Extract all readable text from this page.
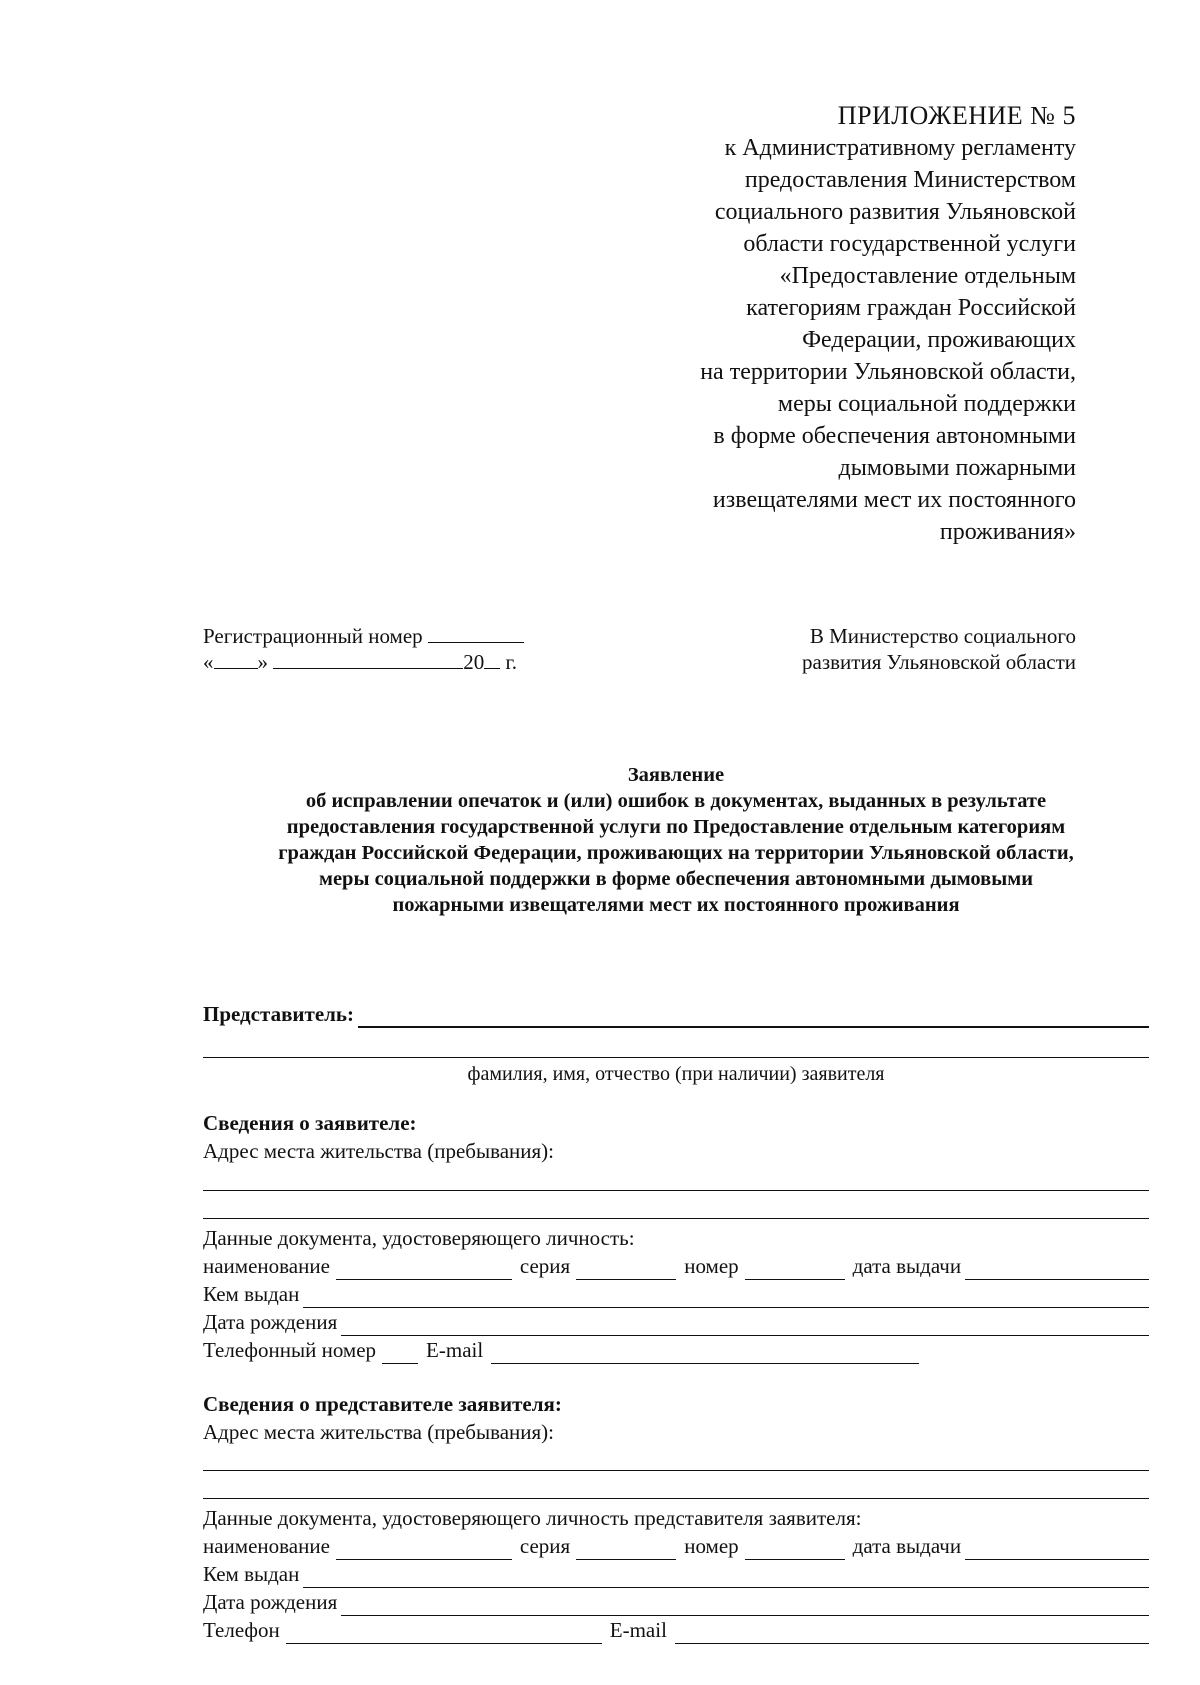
ПРИЛОЖЕНИЕ № 5
к Административному регламенту
предоставления Министерством
социального развития Ульяновской
области государственной услуги
«Предоставление отдельным
категориям граждан Российской
Федерации, проживающих
на территории Ульяновской области,
меры социальной поддержки
в форме обеспечения автономными
дымовыми пожарными
извещателями мест их постоянного
проживания»
Регистрационный номер
« »	20 г.
В Министерство социального
развития Ульяновской области
Заявление
об исправлении опечаток и (или) ошибок в документах, выданных в результате
предоставления государственной услуги по Предоставление отдельным категориям
граждан Российской Федерации, проживающих на территории Ульяновской области,
меры социальной поддержки в форме обеспечения автономными дымовыми
пожарными извещателями мест их постоянного проживания
Представитель:
фамилия, имя, отчество (при наличии) заявителя
Сведения о заявителе:
Адрес места жительства (пребывания):
Данные документа, удостоверяющего личность:
наименование	серия	номер	дата выдачи
Кем выдан
Дата рождения
Телефонный номер E-mail
Сведения о представителе заявителя:
Адрес места жительства (пребывания):
Данные документа, удостоверяющего личность представителя заявителя:
наименование	серия	номер	дата выдачи
Кем выдан
Дата рождения
Телефон	E-mail
